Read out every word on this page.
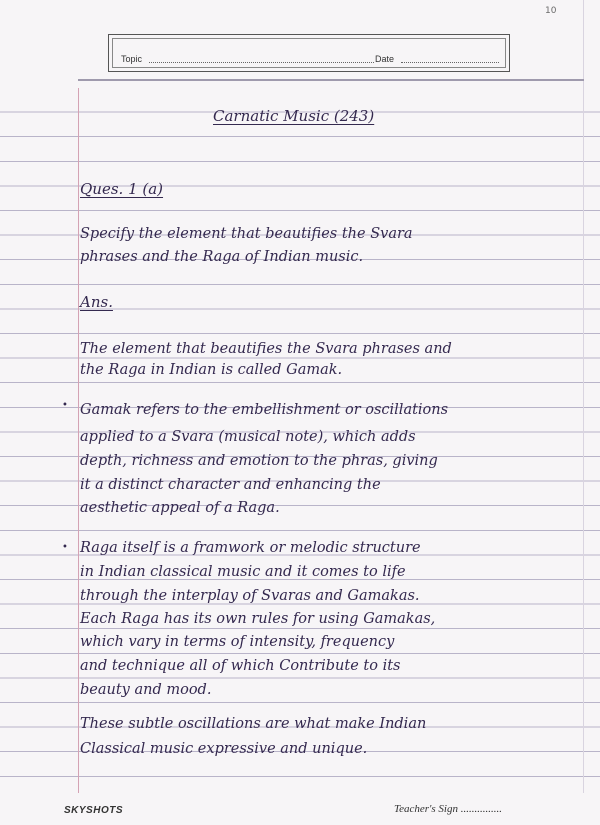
10
Topic	Date
Carnatic Music (243)
Ques. 1 (a)
Specify the element that beautifies the Svara
phrases and the Raga of Indian music.
Ans.
The element that beautifies the Svara phrases and
the Raga in Indian is called Gamak.
• Gamak refers to the embellishment or oscillations
applied to a Svara (musical note), which adds
depth, richness and emotion to the phras, giving
it a distinct character and enhancing the
aesthetic appeal of a Raga.
• Raga itself is a framwork or melodic structure
in Indian classical music and it comes to life
through the interplay of Svaras and Gamakas.
Each Raga has its own rules for using Gamakas,
which vary in terms of intensity, frequency
and technique all of which Contribute to its
beauty and mood.
These subtle oscillations are what make Indian
Classical music expressive and unique.
SKYSHOTS	Teacher's Sign ...............
